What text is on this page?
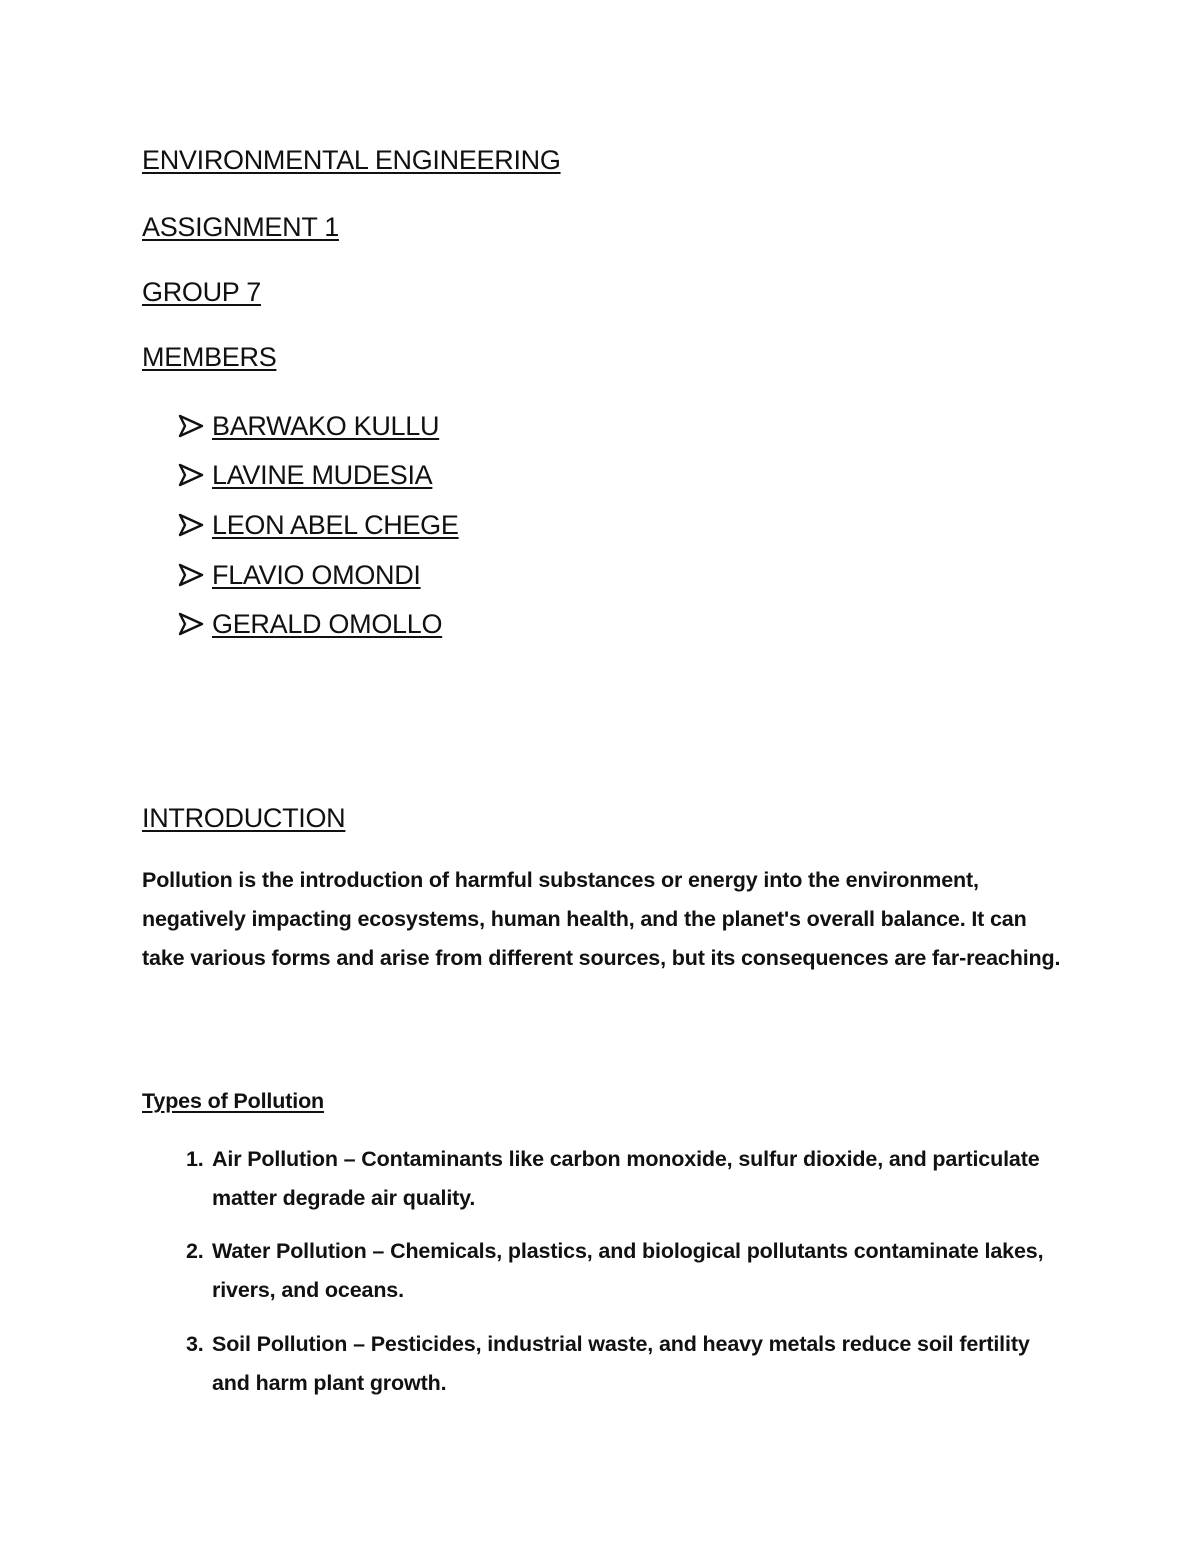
ENVIRONMENTAL ENGINEERING
ASSIGNMENT 1
GROUP 7
MEMBERS
BARWAKO KULLU
LAVINE MUDESIA
LEON ABEL CHEGE
FLAVIO OMONDI
GERALD OMOLLO
INTRODUCTION

Pollution is the introduction of harmful substances or energy into the environment, negatively impacting ecosystems, human health, and the planet's overall balance. It can take various forms and arise from different sources, but its consequences are far-reaching.

Types of Pollution
1. Air Pollution – Contaminants like carbon monoxide, sulfur dioxide, and particulate matter degrade air quality.
2. Water Pollution – Chemicals, plastics, and biological pollutants contaminate lakes, rivers, and oceans.
3. Soil Pollution – Pesticides, industrial waste, and heavy metals reduce soil fertility and harm plant growth.
